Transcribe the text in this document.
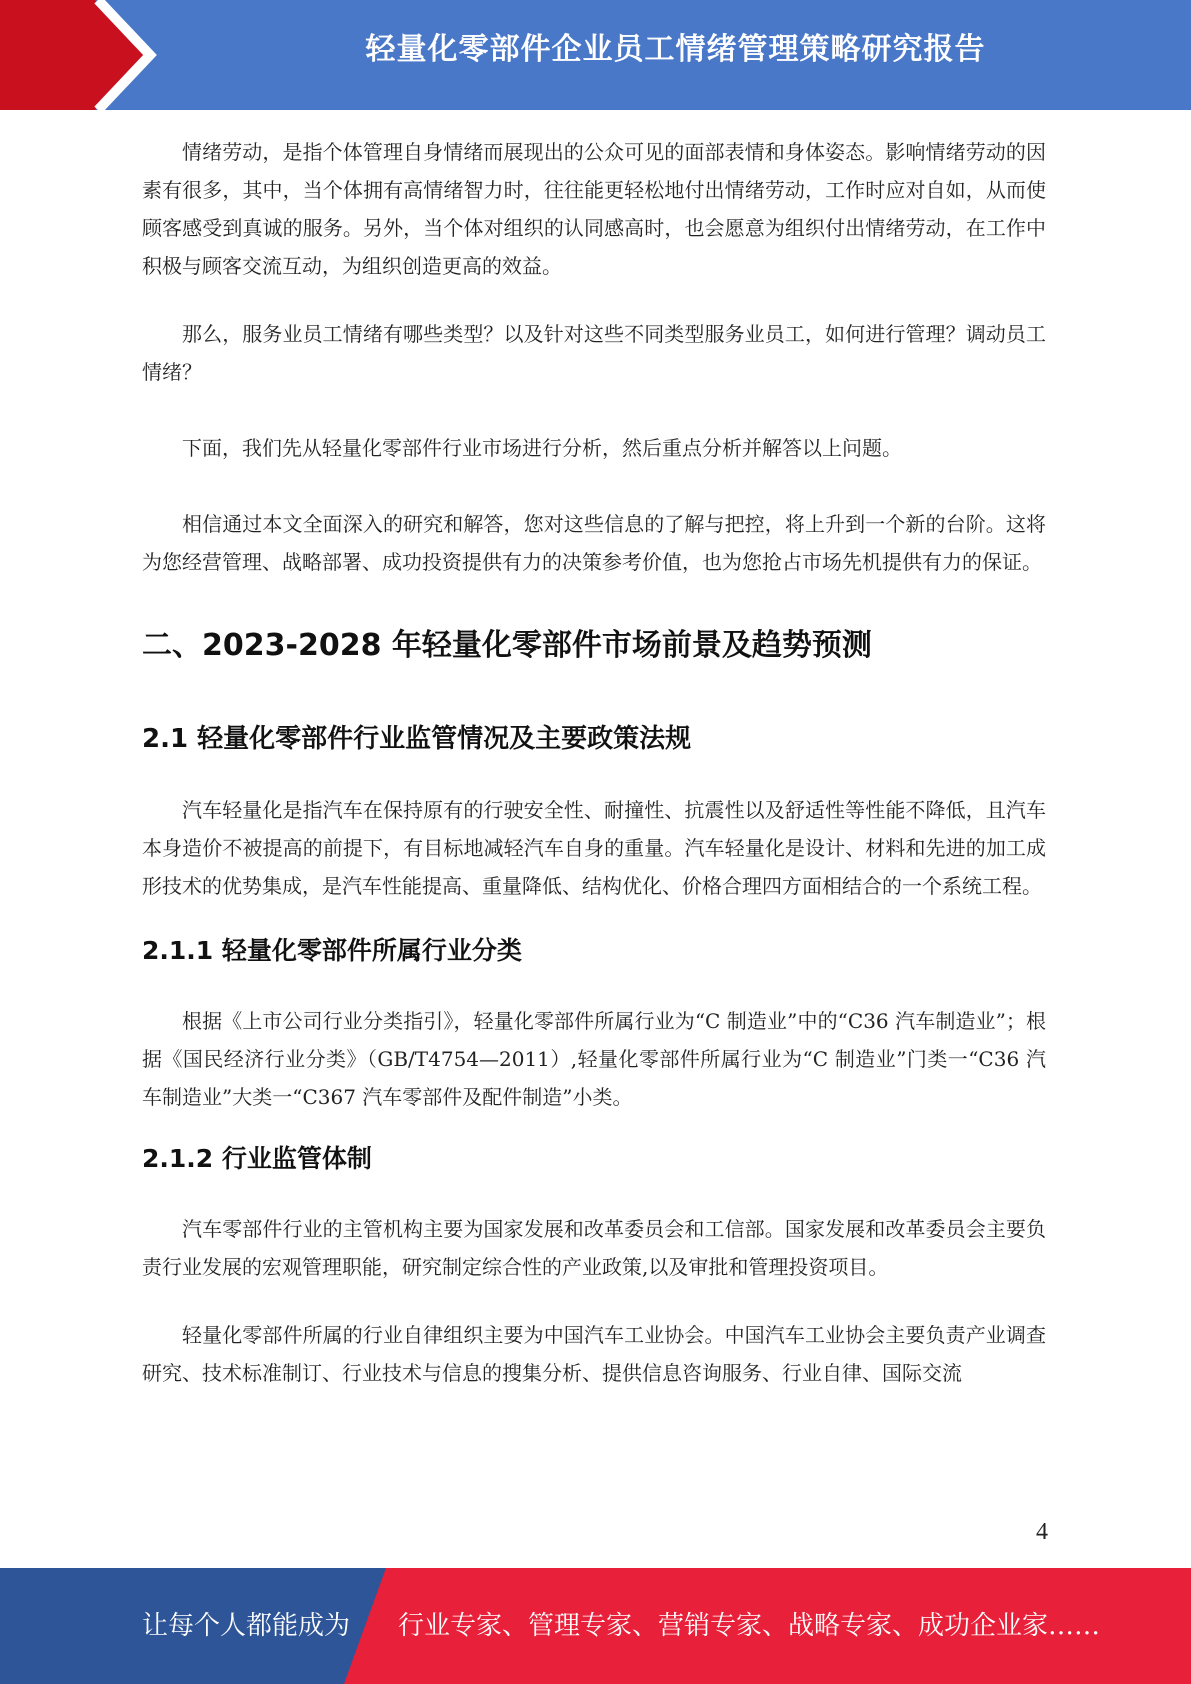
轻量化零部件企业员工情绪管理策略研究报告

情绪劳动，是指个体管理自身情绪而展现出的公众可见的面部表情和身体姿态。影响情绪劳动的因素有很多，其中，当个体拥有高情绪智力时，往往能更轻松地付出情绪劳动，工作时应对自如，从而使顾客感受到真诚的服务。另外，当个体对组织的认同感高时，也会愿意为组织付出情绪劳动，在工作中积极与顾客交流互动，为组织创造更高的效益。

那么，服务业员工情绪有哪些类型？以及针对这些不同类型服务业员工，如何进行管理？调动员工情绪？

下面，我们先从轻量化零部件行业市场进行分析，然后重点分析并解答以上问题。

相信通过本文全面深入的研究和解答，您对这些信息的了解与把控，将上升到一个新的台阶。这将为您经营管理、战略部署、成功投资提供有力的决策参考价值，也为您抢占市场先机提供有力的保证。

二、2023-2028 年轻量化零部件市场前景及趋势预测
2.1 轻量化零部件行业监管情况及主要政策法规

汽车轻量化是指汽车在保持原有的行驶安全性、耐撞性、抗震性以及舒适性等性能不降低，且汽车本身造价不被提高的前提下，有目标地减轻汽车自身的重量。汽车轻量化是设计、材料和先进的加工成形技术的优势集成，是汽车性能提高、重量降低、结构优化、价格合理四方面相结合的一个系统工程。

2.1.1 轻量化零部件所属行业分类

根据《上市公司行业分类指引》，轻量化零部件所属行业为“C 制造业”中的“C36 汽车制造业”；根据《国民经济行业分类》（GB/T4754—2011）,轻量化零部件所属行业为“C 制造业”门类一“C36 汽车制造业”大类一“C367 汽车零部件及配件制造”小类。

2.1.2 行业监管体制

汽车零部件行业的主管机构主要为国家发展和改革委员会和工信部。国家发展和改革委员会主要负责行业发展的宏观管理职能，研究制定综合性的产业政策,以及审批和管理投资项目。

轻量化零部件所属的行业自律组织主要为中国汽车工业协会。中国汽车工业协会主要负责产业调查研究、技术标准制订、行业技术与信息的搜集分析、提供信息咨询服务、行业自律、国际交流

4
让每个人都能成为 行业专家、管理专家、营销专家、战略专家、成功企业家……
